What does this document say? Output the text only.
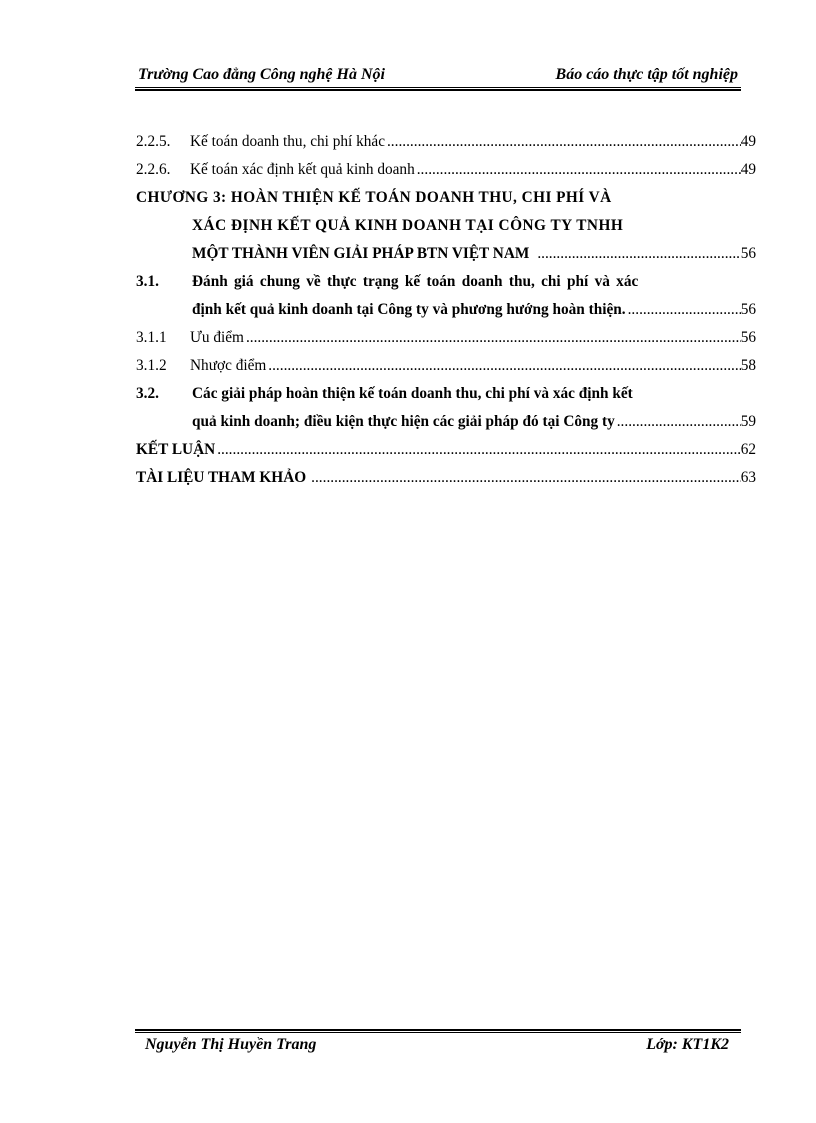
Trường Cao đẳng Công nghệ Hà Nội	Báo cáo thực tập tốt nghiệp
2.2.5.	Kế toán doanh thu, chi phí khác .....	49
2.2.6.	Kế toán xác định kết quả kinh doanh .....	49
CHƯƠNG 3: HOÀN THIỆN KẾ TOÁN DOANH THU, CHI PHÍ VÀ
XÁC ĐỊNH KẾT QUẢ KINH DOANH TẠI CÔNG TY TNHH
MỘT THÀNH VIÊN GIẢI PHÁP BTN VIỆT NAM .....	56
3.1.	Đánh giá chung về thực trạng kế toán doanh thu, chi phí và xác
định kết quả kinh doanh tại Công ty và phương hướng hoàn thiện. .....	56
3.1.1	Ưu điểm .....	56
3.1.2	Nhược điểm .....	58
3.2.	Các giải pháp hoàn thiện kế toán doanh thu, chi phí và xác định kết
quả kinh doanh; điều kiện thực hiện các giải pháp đó tại Công ty .....	59
KẾT LUẬN .....	62
TÀI LIỆU THAM KHẢO .....	63
Nguyễn Thị Huyền Trang	Lớp: KT1K2
